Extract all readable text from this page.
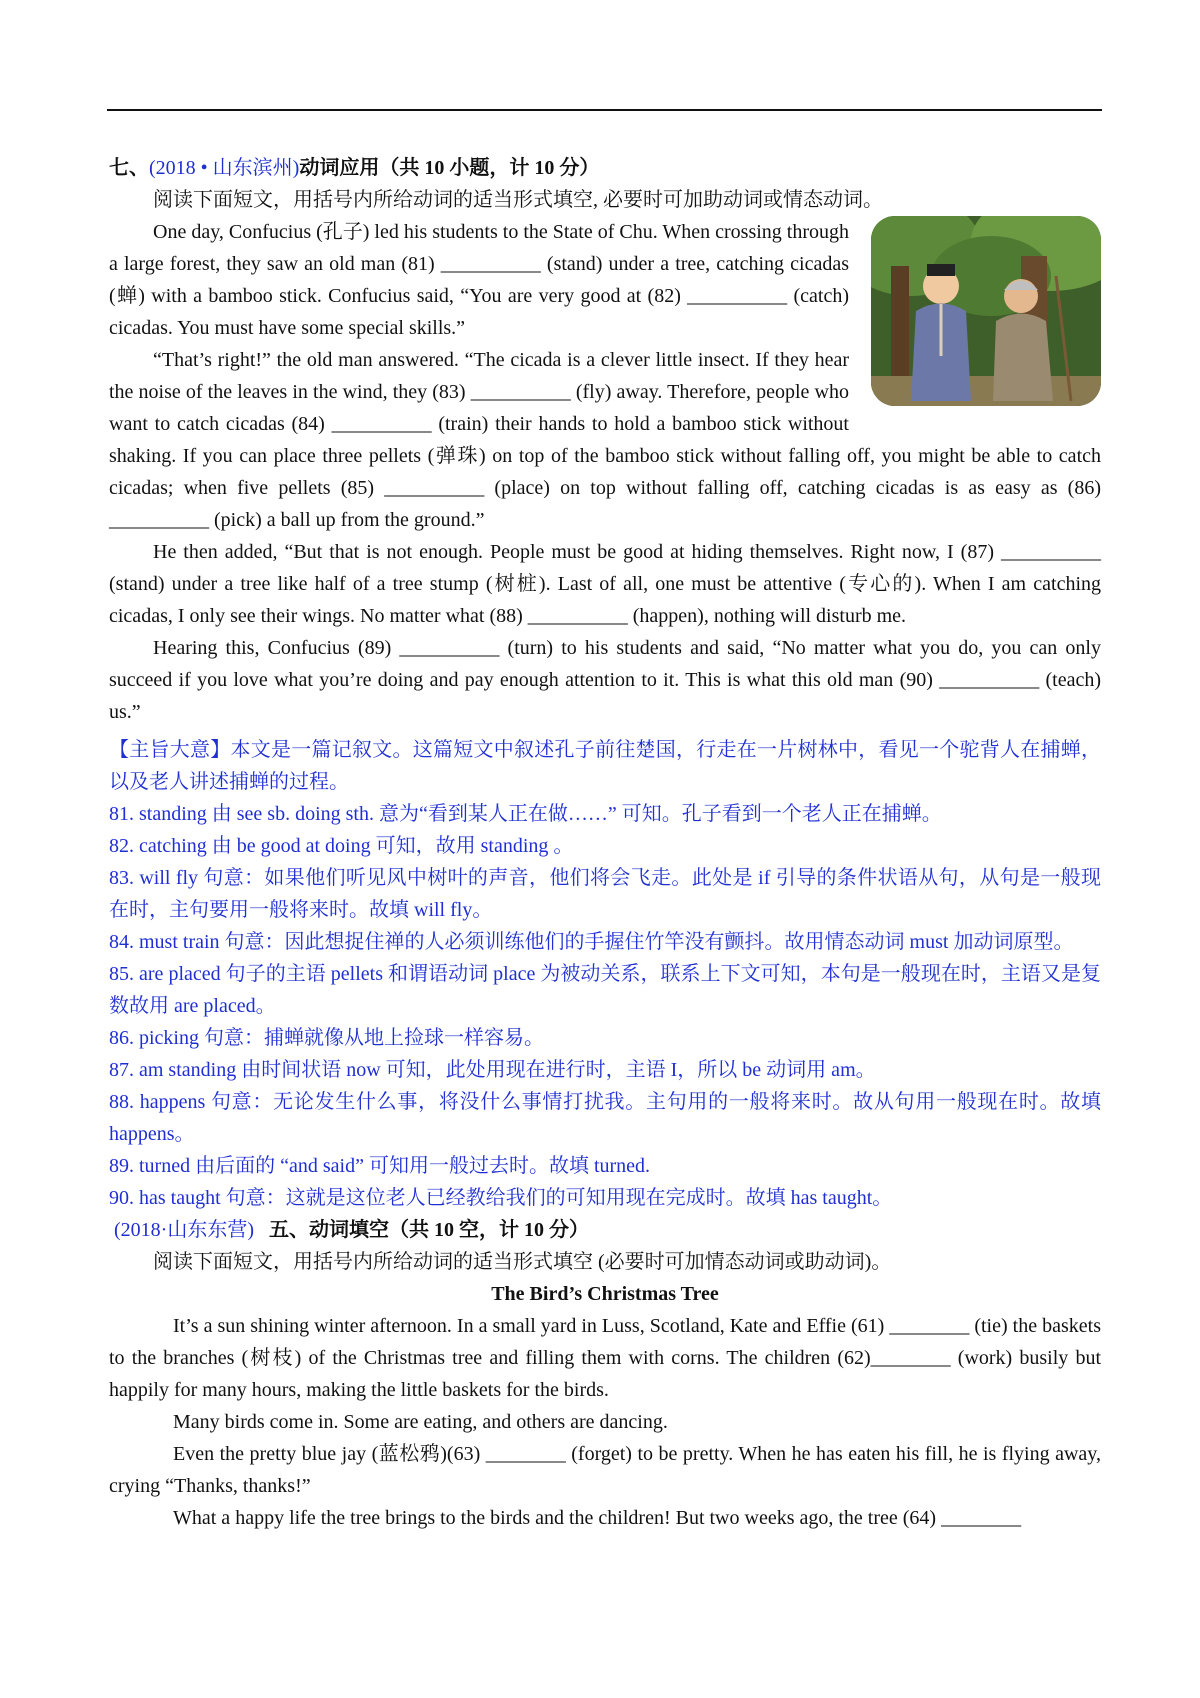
七、(2018 • 山东滨州)动词应用（共 10 小题，计 10 分）

阅读下面短文，用括号内所给动词的适当形式填空, 必要时可加助动词或情态动词。

One day, Confucius (孔子) led his students to the State of Chu. When crossing through a large forest, they saw an old man (81) __________ (stand) under a tree, catching cicadas (蝉) with a bamboo stick. Confucius said, “You are very good at (82) __________ (catch) cicadas. You must have some special skills.”

“That’s right!” the old man answered. “The cicada is a clever little insect. If they hear the noise of the leaves in the wind, they (83) __________ (fly) away. Therefore, people who want to catch cicadas (84) __________ (train) their hands to hold a bamboo stick without shaking. If you can place three pellets (弹珠) on top of the bamboo stick without falling off, you might be able to catch cicadas; when five pellets (85) __________ (place) on top without falling off, catching cicadas is as easy as (86) __________ (pick) a ball up from the ground.”

He then added, “But that is not enough. People must be good at hiding themselves. Right now, I (87) __________ (stand) under a tree like half of a tree stump (树桩). Last of all, one must be attentive (专心的). When I am catching cicadas, I only see their wings. No matter what (88) __________ (happen), nothing will disturb me.

Hearing this, Confucius (89) __________ (turn) to his students and said, “No matter what you do, you can only succeed if you love what you’re doing and pay enough attention to it. This is what this old man (90) __________ (teach) us.”

【主旨大意】本文是一篇记叙文。这篇短文中叙述孔子前往楚国，行走在一片树林中，看见一个驼背人在捕蝉，以及老人讲述捕蝉的过程。

81. standing 由 see sb. doing sth. 意为“看到某人正在做……” 可知。孔子看到一个老人正在捕蝉。

82. catching 由 be good at doing 可知，故用 standing 。

83. will fly 句意：如果他们听见风中树叶的声音，他们将会飞走。此处是 if 引导的条件状语从句，从句是一般现在时，主句要用一般将来时。故填 will fly。

84. must train 句意：因此想捉住禅的人必须训练他们的手握住竹竿没有颤抖。故用情态动词 must 加动词原型。

85. are placed 句子的主语 pellets 和谓语动词 place 为被动关系，联系上下文可知，本句是一般现在时，主语又是复数故用 are placed。

86. picking 句意：捕蝉就像从地上捡球一样容易。

87. am standing 由时间状语 now 可知，此处用现在进行时，主语 I，所以 be 动词用 am。

88. happens 句意：无论发生什么事，将没什么事情打扰我。主句用的一般将来时。故从句用一般现在时。故填 happens。

89. turned 由后面的 “and said” 可知用一般过去时。故填 turned.

90. has taught 句意：这就是这位老人已经教给我们的可知用现在完成时。故填 has taught。

(2018·山东东营) 五、动词填空（共 10 空，计 10 分）

阅读下面短文，用括号内所给动词的适当形式填空 (必要时可加情态动词或助动词)。

The Bird’s Christmas Tree

It’s a sun shining winter afternoon. In a small yard in Luss, Scotland, Kate and Effie (61) ________ (tie) the baskets to the branches (树枝) of the Christmas tree and filling them with corns. The children (62)________ (work) busily but happily for many hours, making the little baskets for the birds.

Many birds come in. Some are eating, and others are dancing.

Even the pretty blue jay (蓝松鸦)(63) ________ (forget) to be pretty. When he has eaten his fill, he is flying away, crying “Thanks, thanks!”

What a happy life the tree brings to the birds and the children! But two weeks ago, the tree (64) ________
